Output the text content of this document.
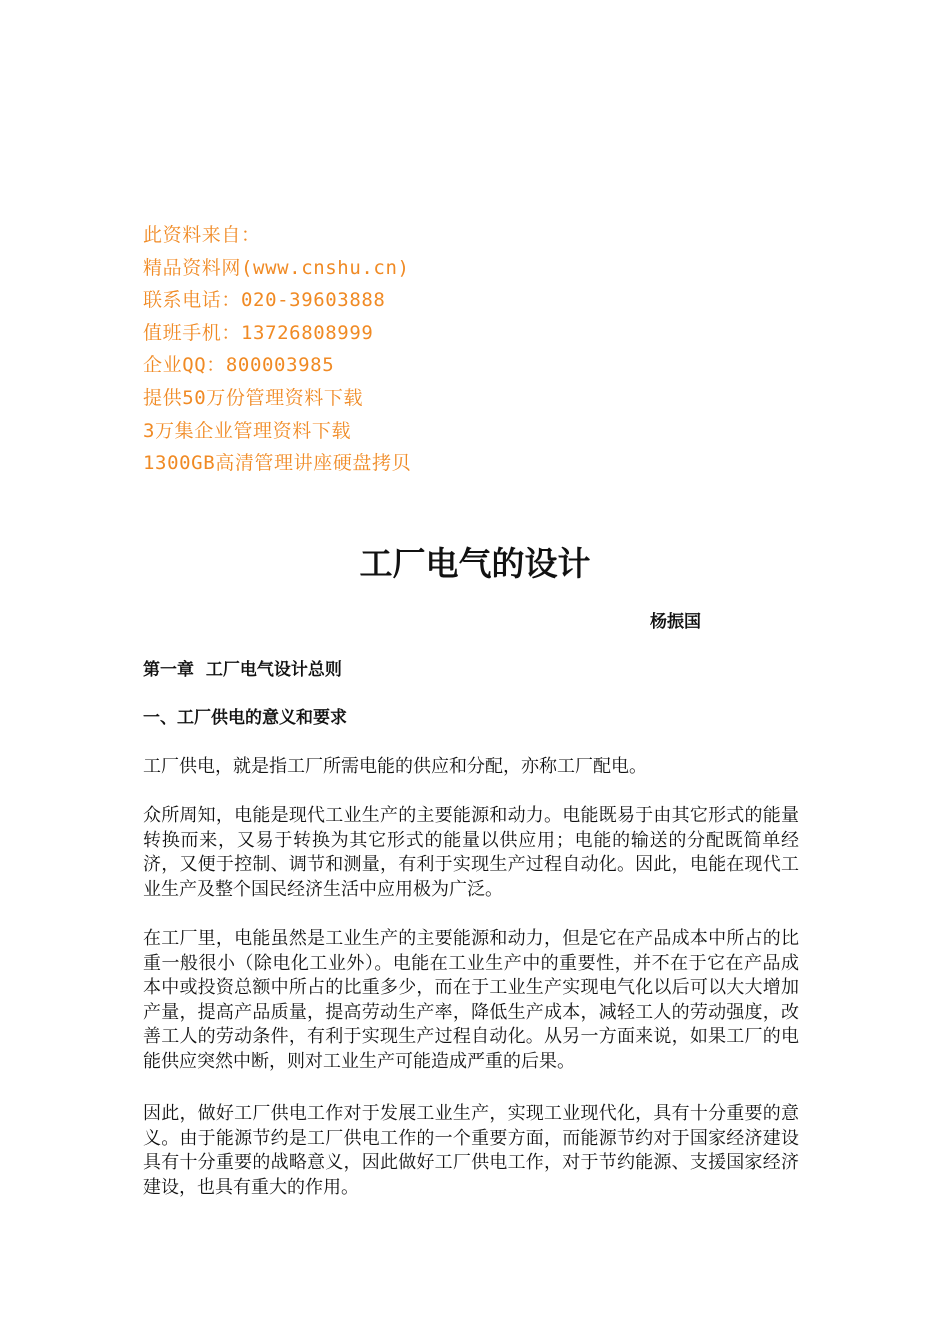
此资料来自：
精品资料网(www.cnshu.cn)
联系电话：020-39603888
值班手机：13726808999
企业QQ：800003985
提供50万份管理资料下载
3万集企业管理资料下载
1300GB高清管理讲座硬盘拷贝
工厂电气的设计
杨振国
第一章  工厂电气设计总则
一、工厂供电的意义和要求

工厂供电，就是指工厂所需电能的供应和分配，亦称工厂配电。

众所周知，电能是现代工业生产的主要能源和动力。电能既易于由其它形式的能量转换而来，又易于转换为其它形式的能量以供应用；电能的输送的分配既简单经济，又便于控制、调节和测量，有利于实现生产过程自动化。因此，电能在现代工业生产及整个国民经济生活中应用极为广泛。

在工厂里，电能虽然是工业生产的主要能源和动力，但是它在产品成本中所占的比重一般很小（除电化工业外）。电能在工业生产中的重要性，并不在于它在产品成本中或投资总额中所占的比重多少，而在于工业生产实现电气化以后可以大大增加产量，提高产品质量，提高劳动生产率，降低生产成本，减轻工人的劳动强度，改善工人的劳动条件，有利于实现生产过程自动化。从另一方面来说，如果工厂的电能供应突然中断，则对工业生产可能造成严重的后果。

因此，做好工厂供电工作对于发展工业生产，实现工业现代化，具有十分重要的意义。由于能源节约是工厂供电工作的一个重要方面，而能源节约对于国家经济建设具有十分重要的战略意义，因此做好工厂供电工作，对于节约能源、支援国家经济建设，也具有重大的作用。
